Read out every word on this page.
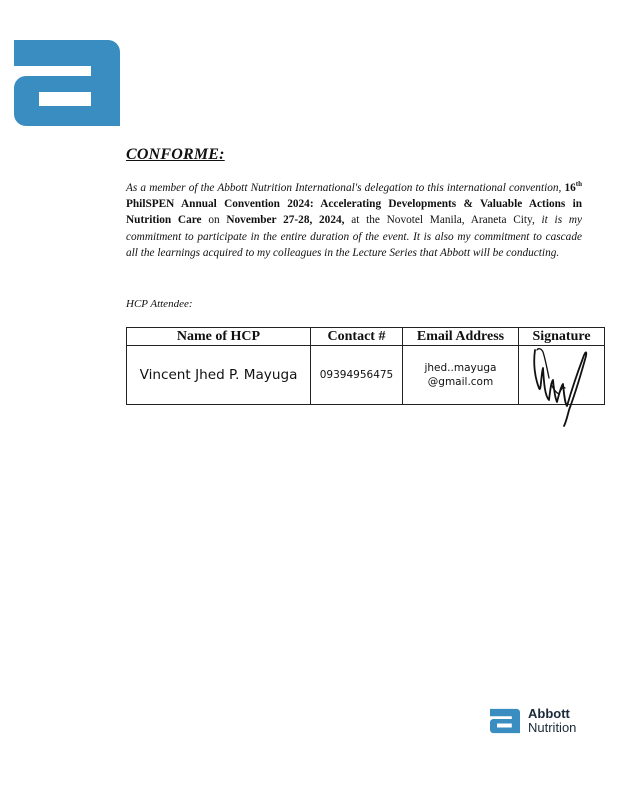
CONFORME:

As a member of the Abbott Nutrition International's delegation to this international convention, 16th PhilSPEN Annual Convention 2024: Accelerating Developments & Valuable Actions in Nutrition Care on November 27-28, 2024, at the Novotel Manila, Araneta City, it is my commitment to participate in the entire duration of the event. It is also my commitment to cascade all the learnings acquired to my colleagues in the Lecture Series that Abbott will be conducting.

HCP Attendee:

Name of HCP	Contact #	Email Address	Signature
Vincent Jhed P. Mayuga	09394956475	jhed..mayuga
@gmail.com

Abbott
Nutrition
